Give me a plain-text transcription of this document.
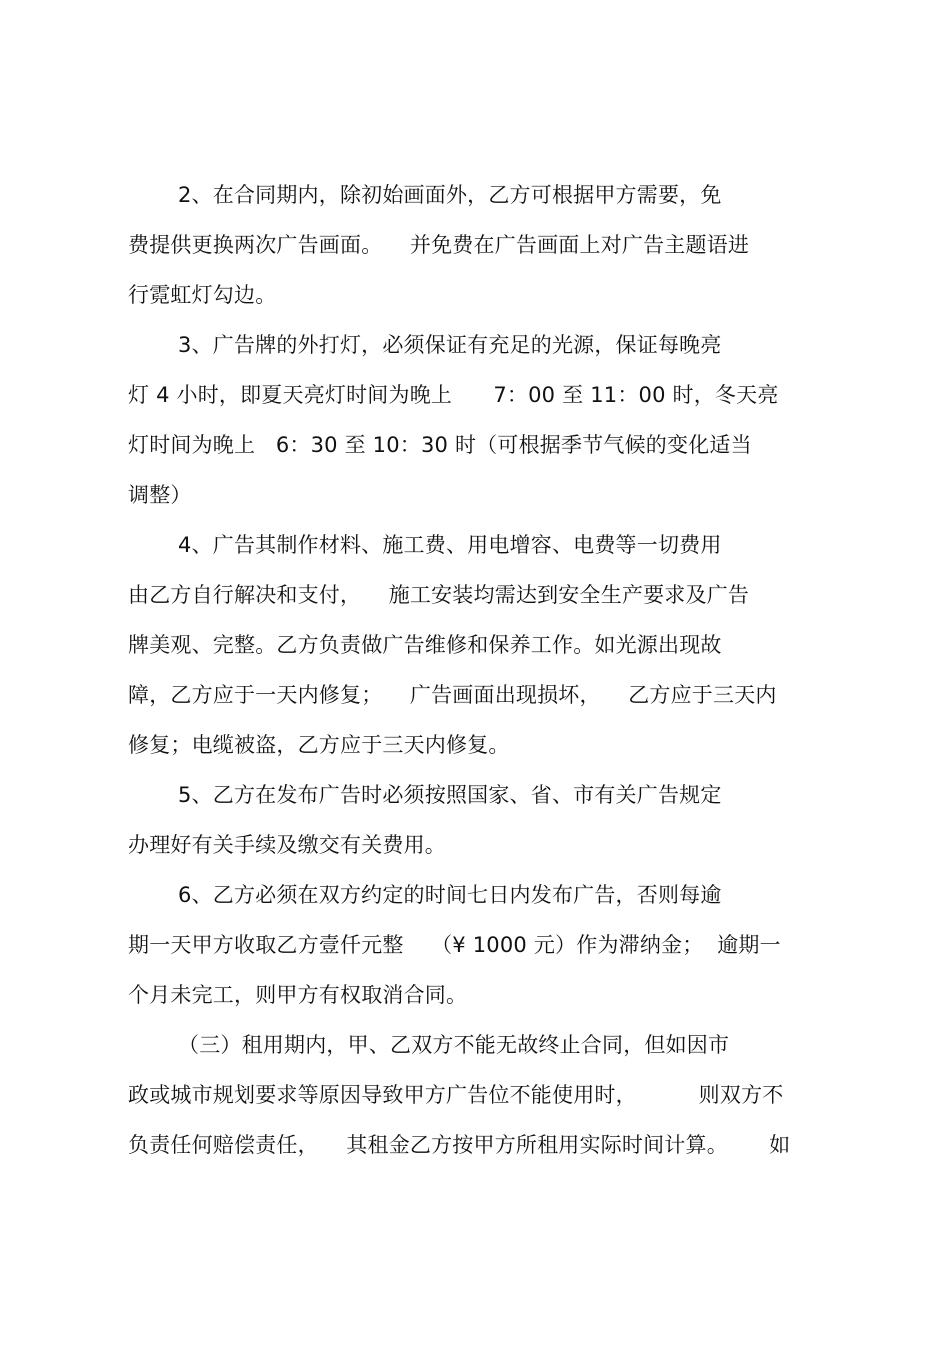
2、在合同期内，除初始画面外，乙方可根据甲方需要，免
费提供更换两次广告画面。    并免费在广告画面上对广告主题语进
行霓虹灯勾边。
3、广告牌的外打灯，必须保证有充足的光源，保证每晚亮
灯 4 小时，即夏天亮灯时间为晚上      7：00 至 11：00 时，冬天亮
灯时间为晚上   6：30 至 10：30 时（可根据季节气候的变化适当
调整）
4、广告其制作材料、施工费、用电增容、电费等一切费用
由乙方自行解决和支付，    施工安装均需达到安全生产要求及广告
牌美观、完整。乙方负责做广告维修和保养工作。如光源出现故
障，乙方应于一天内修复；    广告画面出现损坏，    乙方应于三天内
修复；电缆被盗，乙方应于三天内修复。
5、乙方在发布广告时必须按照国家、省、市有关广告规定
办理好有关手续及缴交有关费用。
6、乙方必须在双方约定的时间七日内发布广告，否则每逾
期一天甲方收取乙方壹仟元整    （¥ 1000 元）作为滞纳金；  逾期一
个月未完工，则甲方有权取消合同。
（三）租用期内，甲、乙双方不能无故终止合同，但如因市
政或城市规划要求等原因导致甲方广告位不能使用时，         则双方不
负责任何赔偿责任，    其租金乙方按甲方所租用实际时间计算。      如
